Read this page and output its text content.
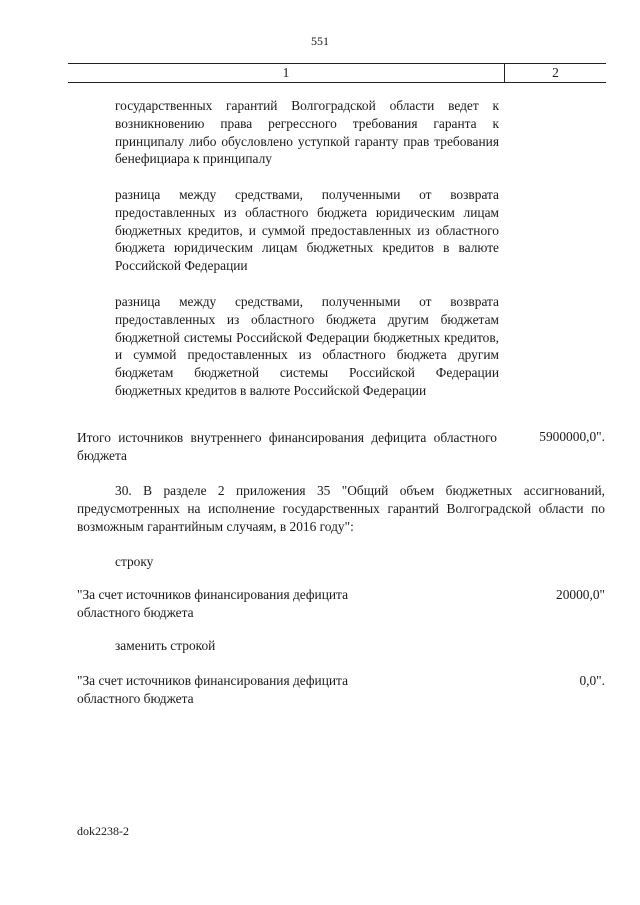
551
1	2
государственных гарантий Волгоградской области ведет к возникновению права регрессного требования гаранта к принципалу либо обусловлено уступкой гаранту прав требования бенефициара к принципалу
разница между средствами, полученными от возврата предоставленных из областного бюджета юридическим лицам бюджетных кредитов, и суммой предоставленных из областного бюджета юридическим лицам бюджетных кредитов в валюте Российской Федерации
разница между средствами, полученными от возврата предоставленных из областного бюджета другим бюджетам бюджетной системы Российской Федерации бюджетных кредитов, и суммой предоставленных из областного бюджета другим бюджетам бюджетной системы Российской Федерации бюджетных кредитов в валюте Российской Федерации
Итого источников внутреннего финансирования дефицита областного бюджета
5900000,0".
30. В разделе 2 приложения 35 "Общий объем бюджетных ассигнований, предусмотренных на исполнение государственных гарантий Волгоградской области по возможным гарантийным случаям, в 2016 году":
строку
"За счет источников финансирования дефицита областного бюджета
20000,0"
заменить строкой
"За счет источников финансирования дефицита областного бюджета
0,0".
dok2238-2
